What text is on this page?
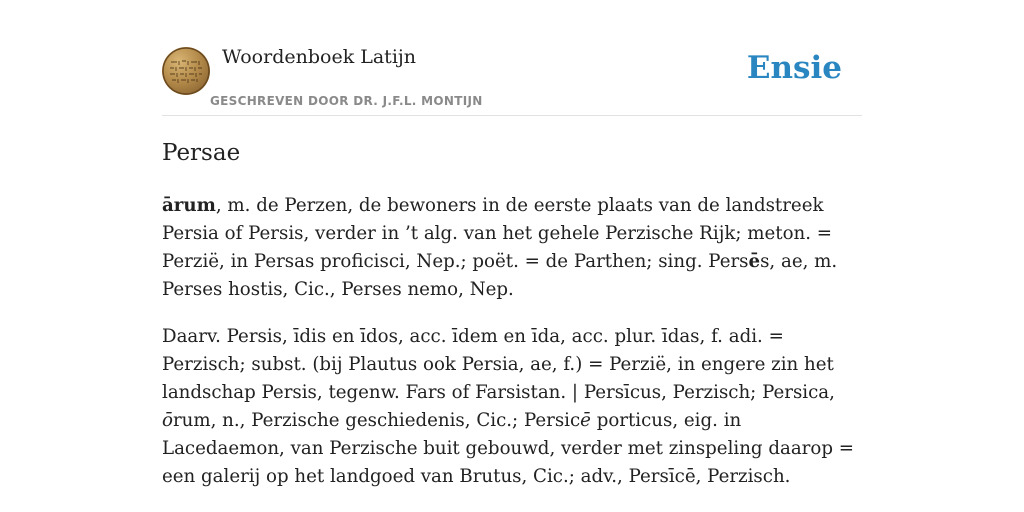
Woordenboek Latijn
GESCHREVEN DOOR DR. J.F.L. MONTIJN
Ensie
Persae

ārum, m. de Perzen, de bewoners in de eerste plaats van de landstreek Persia of Persis, verder in ’t alg. van het gehele Perzische Rijk; meton. = Perzië, in Persas proficisci, Nep.; poët. = de Parthen; sing. Persēs, ae, m. Perses hostis, Cic., Perses nemo, Nep.

Daarv. Persis, īdis en īdos, acc. īdem en īda, acc. plur. īdas, f. adi. = Perzisch; subst. (bij Plautus ook Persia, ae, f.) = Perzië, in engere zin het landschap Persis, tegenw. Fars of Farsistan. | Persīcus, Perzisch; Persica, ōrum, n., Perzische geschiedenis, Cic.; Persicē porticus, eig. in Lacedaemon, van Perzische buit gebouwd, verder met zinspeling daarop = een galerij op het landgoed van Brutus, Cic.; adv., Persīcē, Perzisch.
